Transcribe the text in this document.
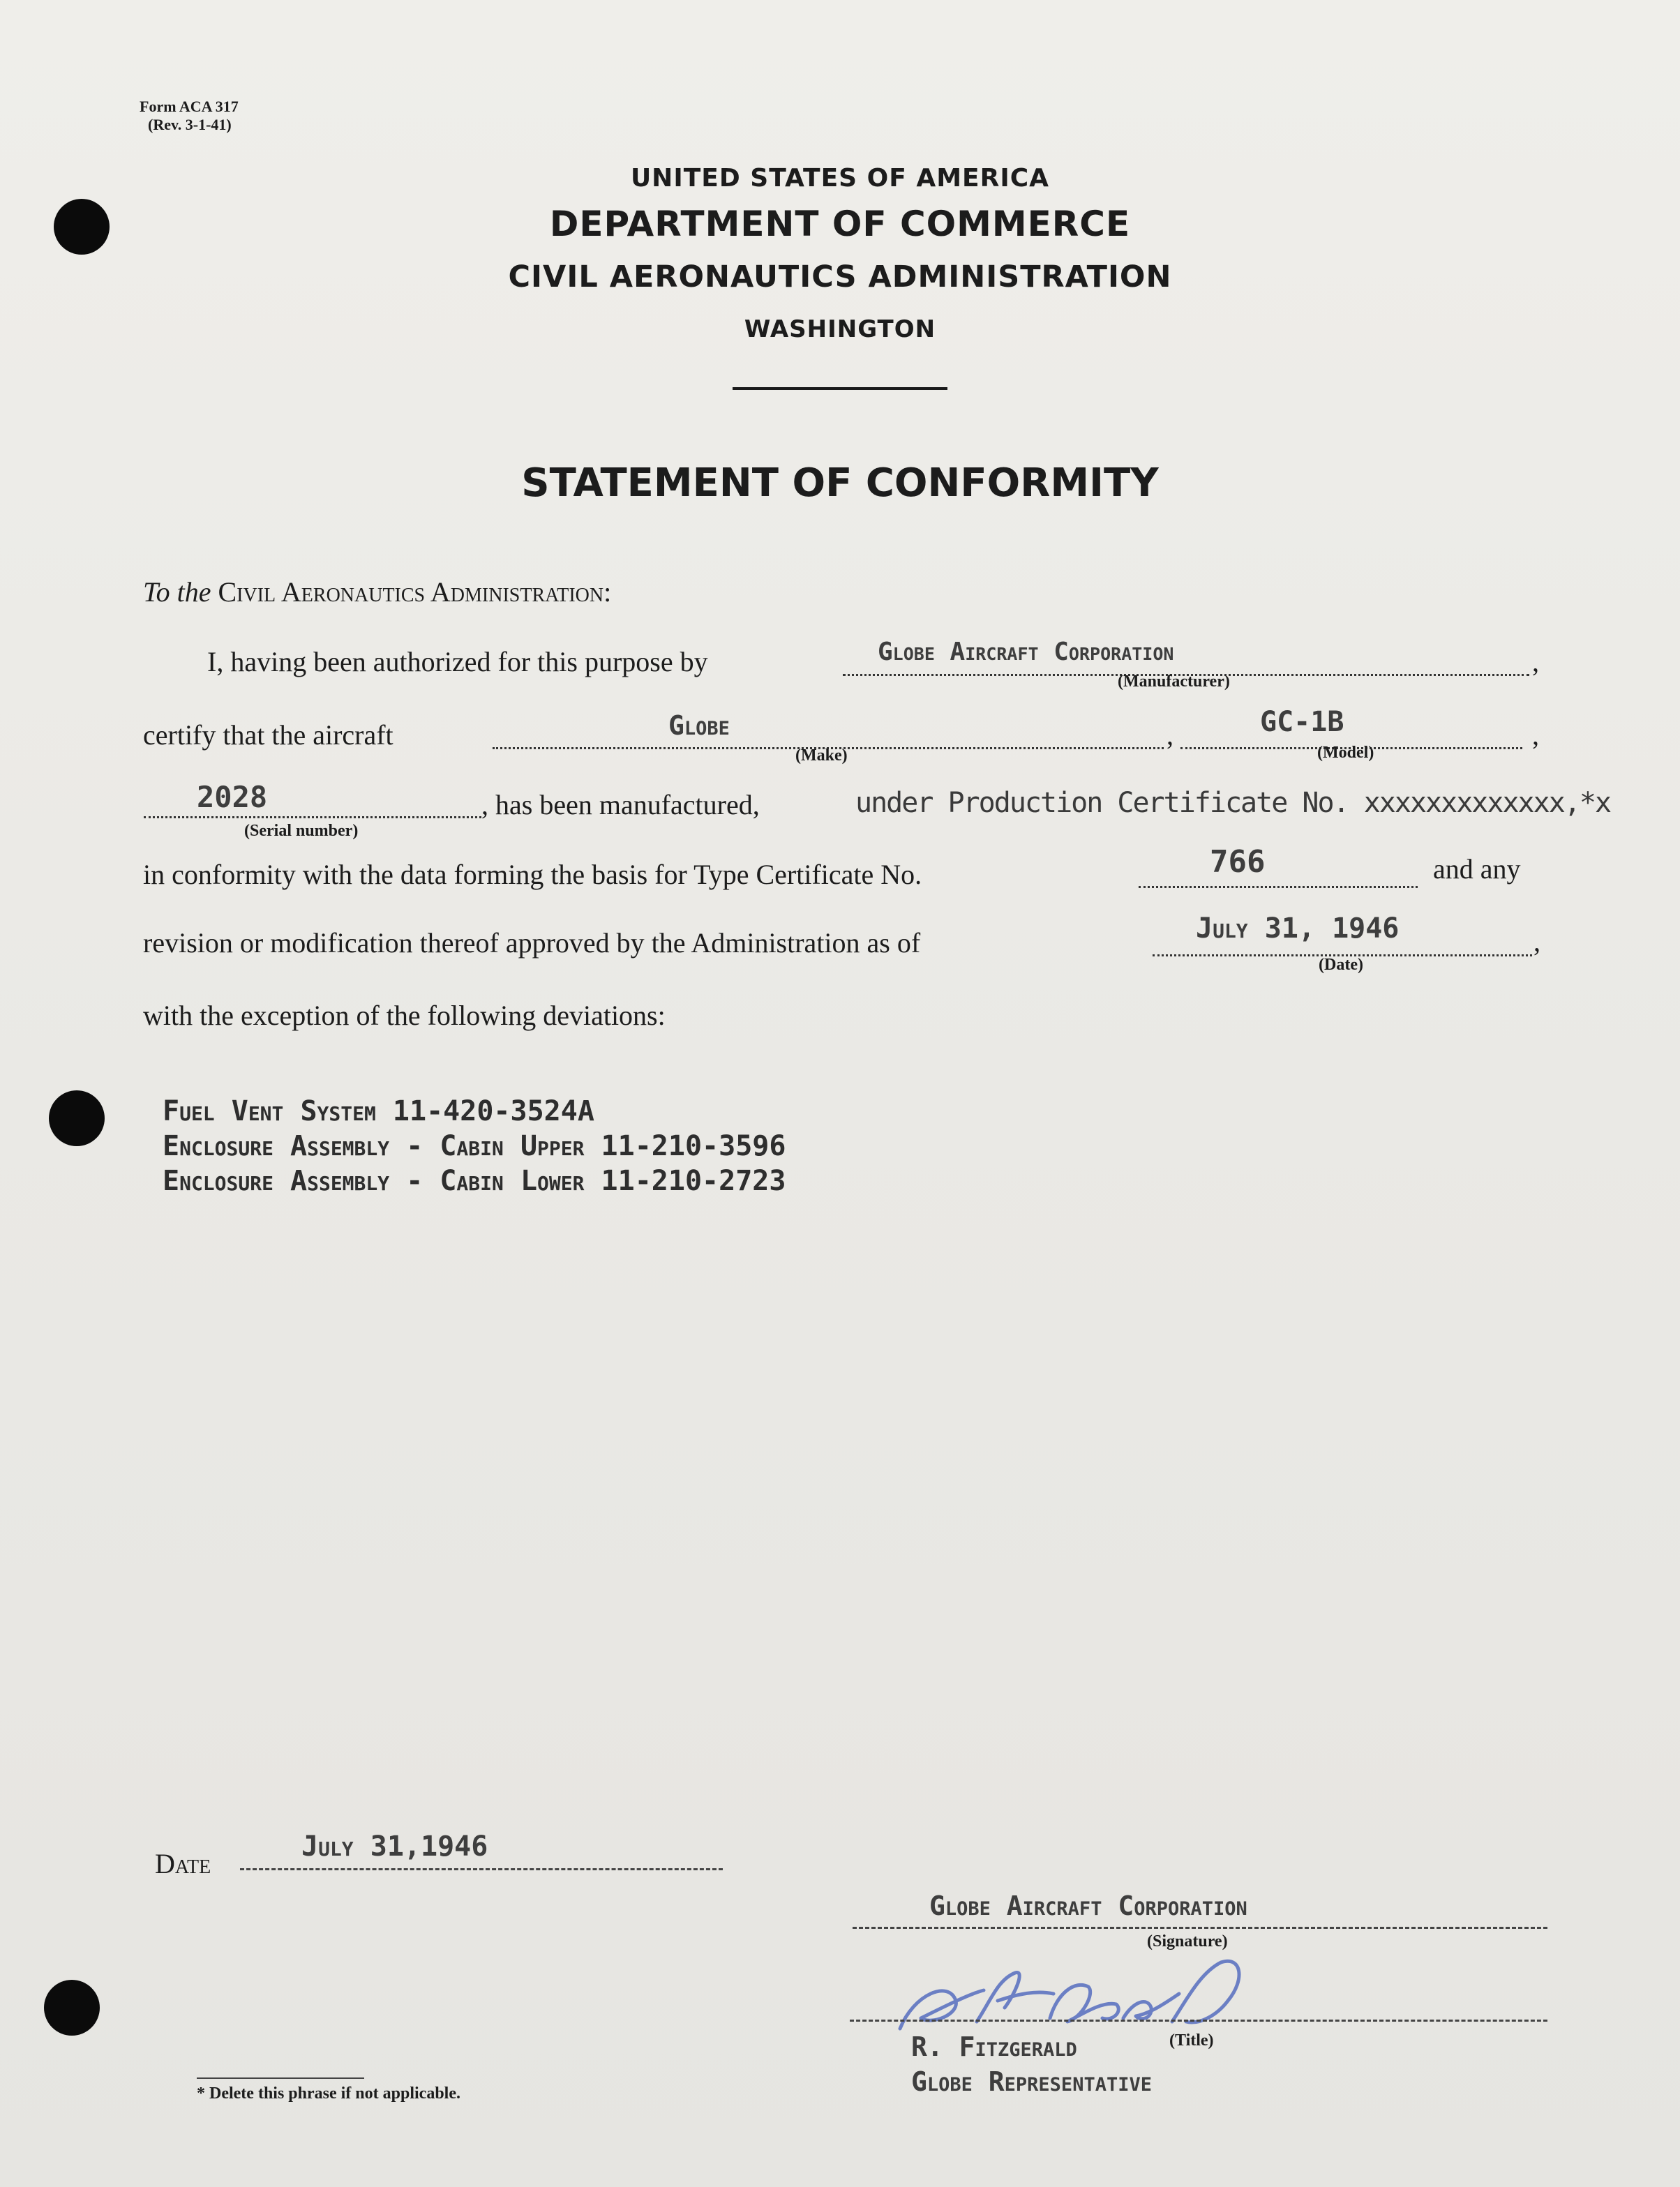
Form ACA 317
(Rev. 3-1-41)
UNITED STATES OF AMERICA
DEPARTMENT OF COMMERCE
CIVIL AERONAUTICS ADMINISTRATION
WASHINGTON
STATEMENT OF CONFORMITY
To the Civil Aeronautics Administration:
I, having been authorized for this purpose by	Globe Aircraft Corporation	,
(Manufacturer)
certify that the aircraft	Globe	,	GC-1B	,
(Make)	(Model)
2028	, has been manufactured,	under Production Certificate No. xxxxxxxxxxxxx,*x
(Serial number)
in conformity with the data forming the basis for Type Certificate No.	766	and any
revision or modification thereof approved by the Administration as of	July 31, 1946	,
(Date)
with the exception of the following deviations:
Fuel Vent System 11-420-3524A
Enclosure Assembly - Cabin Upper 11-210-3596
Enclosure Assembly - Cabin Lower 11-210-2723
Date
July 31,1946
Globe Aircraft Corporation
(Signature)
(Title)
R. Fitzgerald
Globe Representative
* Delete this phrase if not applicable.
